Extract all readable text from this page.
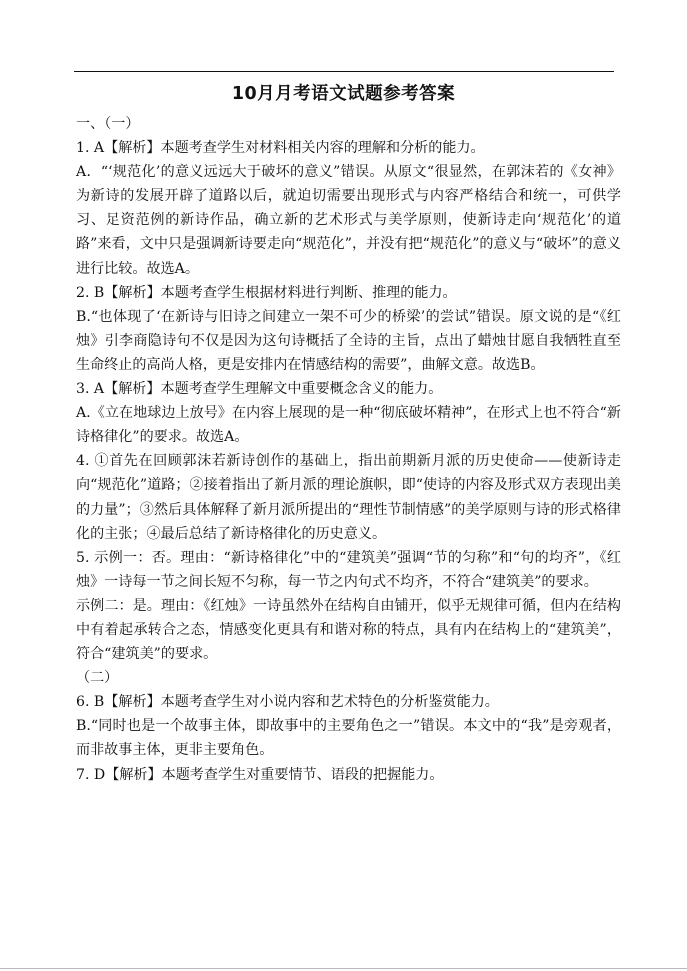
10月月考语文试题参考答案

一、（一）

1. A【解析】本题考查学生对材料相关内容的理解和分析的能力。

A．“‘规范化’的意义远远大于破坏的意义”错误。从原文“很显然，在郭沫若的《女神》为新诗的发展开辟了道路以后，就迫切需要出现形式与内容严格结合和统一，可供学习、足资范例的新诗作品，确立新的艺术形式与美学原则，使新诗走向‘规范化’的道路”来看，文中只是强调新诗要走向“规范化”，并没有把“规范化”的意义与“破坏”的意义进行比较。故选A。

2. B【解析】本题考查学生根据材料进行判断、推理的能力。

B.“也体现了‘在新诗与旧诗之间建立一架不可少的桥梁’的尝试”错误。原文说的是“《红烛》引李商隐诗句不仅是因为这句诗概括了全诗的主旨，点出了蜡烛甘愿自我牺牲直至生命终止的高尚人格，更是安排内在情感结构的需要”，曲解文意。故选B。

3. A【解析】本题考查学生理解文中重要概念含义的能力。

A.《立在地球边上放号》在内容上展现的是一种“彻底破坏精神”，在形式上也不符合“新诗格律化”的要求。故选A。

4. ①首先在回顾郭沫若新诗创作的基础上，指出前期新月派的历史使命——使新诗走向“规范化”道路；②接着指出了新月派的理论旗帜，即“使诗的内容及形式双方表现出美的力量”；③然后具体解释了新月派所提出的“理性节制情感”的美学原则与诗的形式格律化的主张；④最后总结了新诗格律化的历史意义。

5. 示例一：否。理由：“新诗格律化”中的“建筑美”强调“节的匀称”和“句的均齐”，《红烛》一诗每一节之间长短不匀称，每一节之内句式不均齐，不符合“建筑美”的要求。

示例二：是。理由：《红烛》一诗虽然外在结构自由铺开，似乎无规律可循，但内在结构中有着起承转合之态，情感变化更具有和谐对称的特点，具有内在结构上的“建筑美”，符合“建筑美”的要求。

（二）

6. B【解析】本题考查学生对小说内容和艺术特色的分析鉴赏能力。

B.“同时也是一个故事主体，即故事中的主要角色之一”错误。本文中的“我”是旁观者，而非故事主体，更非主要角色。

7. D【解析】本题考查学生对重要情节、语段的把握能力。
